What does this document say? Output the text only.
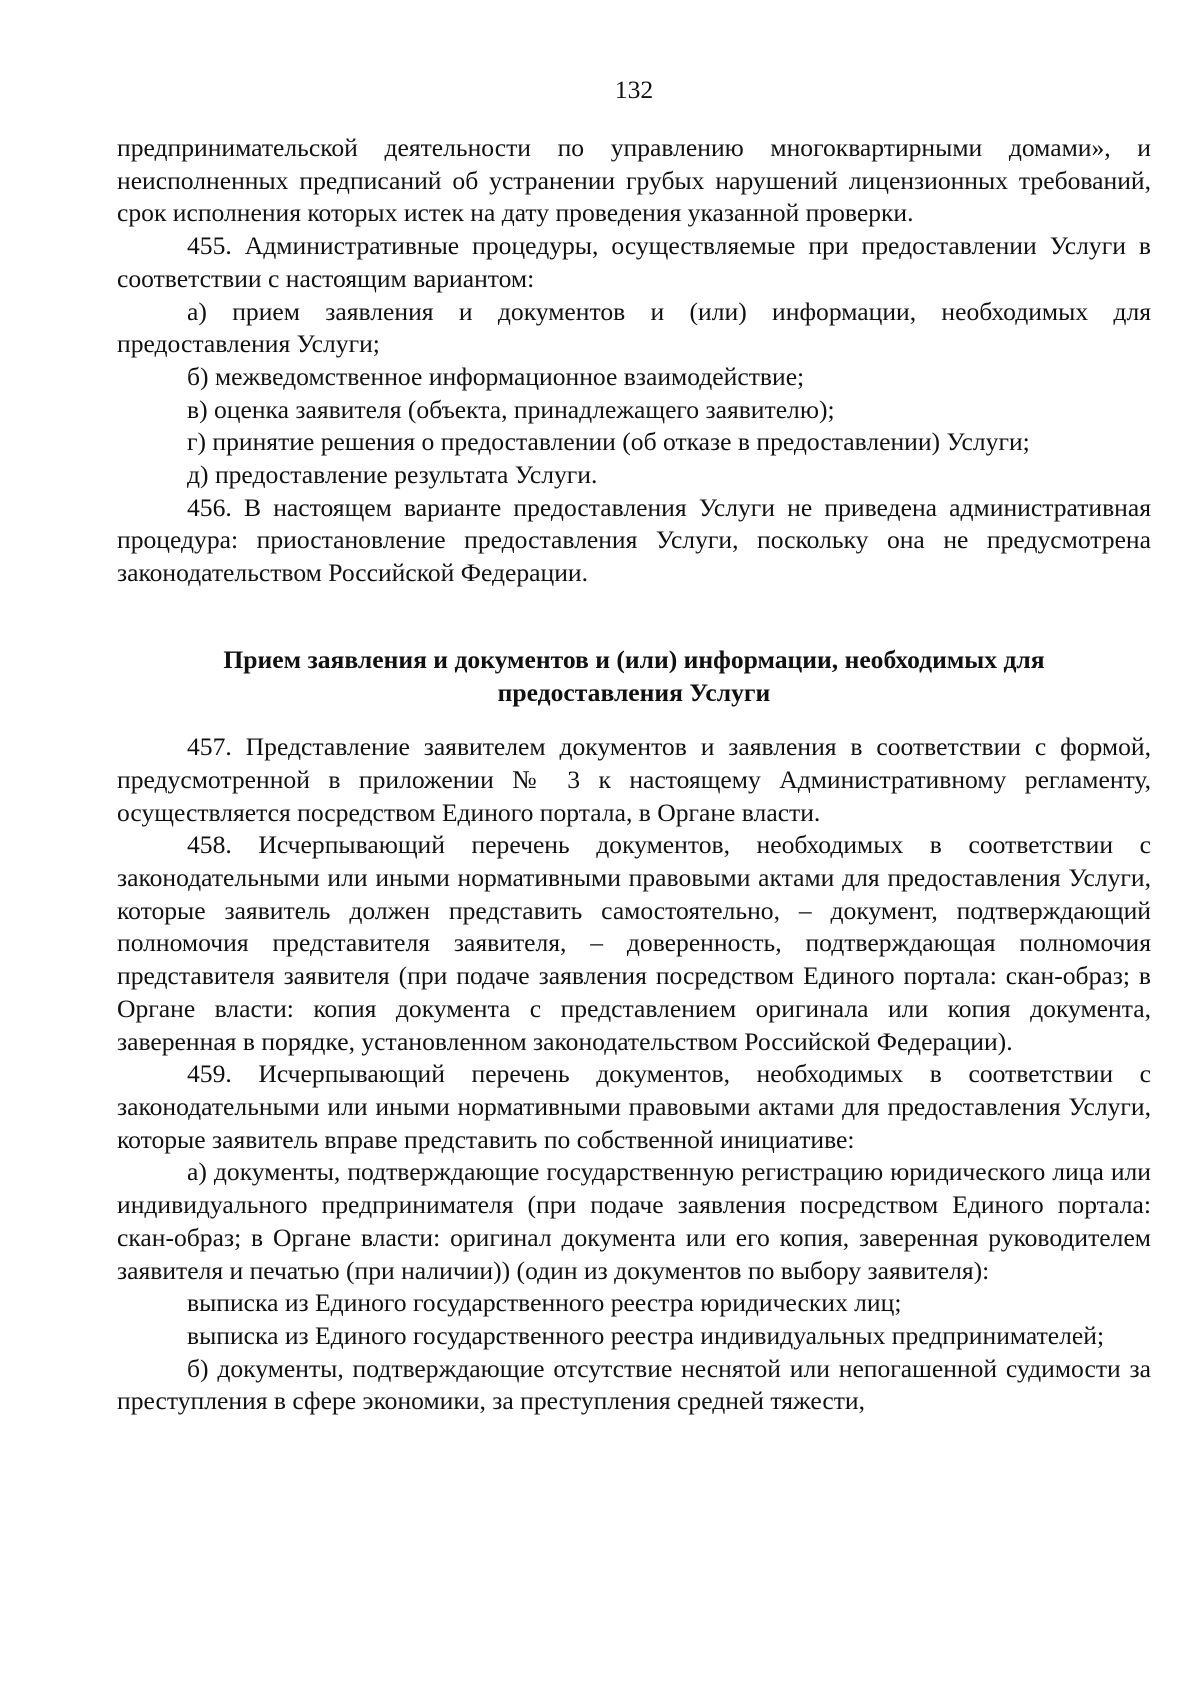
132

предпринимательской деятельности по управлению многоквартирными домами», и неисполненных предписаний об устранении грубых нарушений лицензионных требований, срок исполнения которых истек на дату проведения указанной проверки.

455. Административные процедуры, осуществляемые при предоставлении Услуги в соответствии с настоящим вариантом:

а) прием заявления и документов и (или) информации, необходимых для предоставления Услуги;

б) межведомственное информационное взаимодействие;

в) оценка заявителя (объекта, принадлежащего заявителю);

г) принятие решения о предоставлении (об отказе в предоставлении) Услуги;

д) предоставление результата Услуги.

456. В настоящем варианте предоставления Услуги не приведена административная процедура: приостановление предоставления Услуги, поскольку она не предусмотрена законодательством Российской Федерации.

Прием заявления и документов и (или) информации, необходимых для предоставления Услуги

457. Представление заявителем документов и заявления в соответствии с формой, предусмотренной в приложении № 3 к настоящему Административному регламенту, осуществляется посредством Единого портала, в Органе власти.

458. Исчерпывающий перечень документов, необходимых в соответствии с законодательными или иными нормативными правовыми актами для предоставления Услуги, которые заявитель должен представить самостоятельно, – документ, подтверждающий полномочия представителя заявителя, – доверенность, подтверждающая полномочия представителя заявителя (при подаче заявления посредством Единого портала: скан-образ; в Органе власти: копия документа с представлением оригинала или копия документа, заверенная в порядке, установленном законодательством Российской Федерации).

459. Исчерпывающий перечень документов, необходимых в соответствии с законодательными или иными нормативными правовыми актами для предоставления Услуги, которые заявитель вправе представить по собственной инициативе:

а) документы, подтверждающие государственную регистрацию юридического лица или индивидуального предпринимателя (при подаче заявления посредством Единого портала: скан-образ; в Органе власти: оригинал документа или его копия, заверенная руководителем заявителя и печатью (при наличии)) (один из документов по выбору заявителя):

выписка из Единого государственного реестра юридических лиц;

выписка из Единого государственного реестра индивидуальных предпринимателей;

б) документы, подтверждающие отсутствие неснятой или непогашенной судимости за преступления в сфере экономики, за преступления средней тяжести,
